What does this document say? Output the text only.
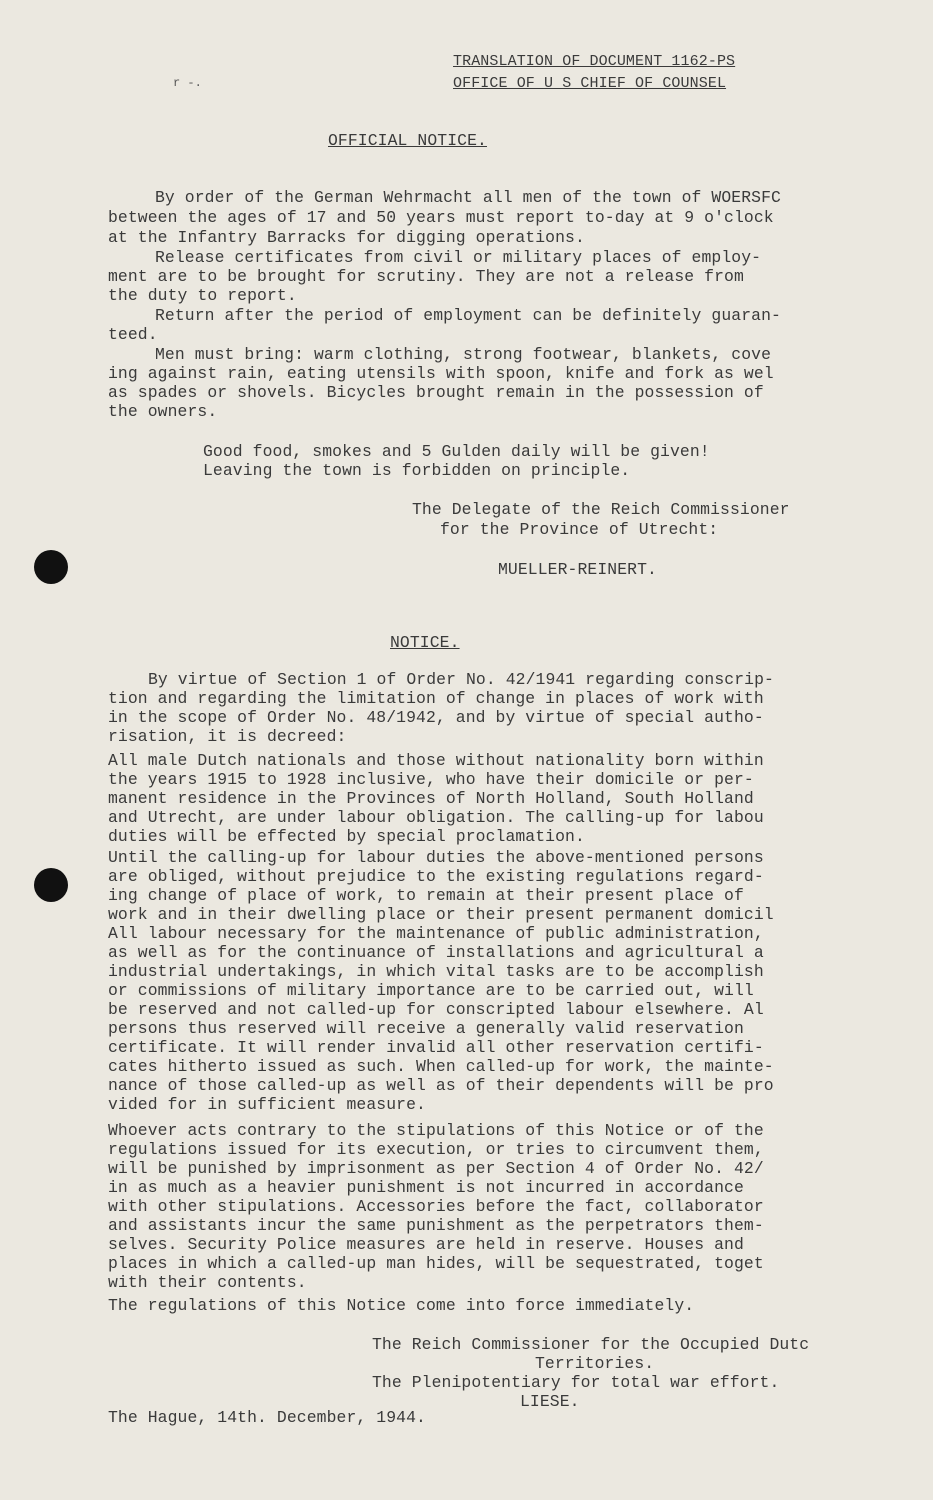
r -.
TRANSLATION OF DOCUMENT 1162-PS
OFFICE OF U S CHIEF OF COUNSEL
OFFICIAL NOTICE.
By order of the German Wehrmacht all men of the town of WOERSFC
between the ages of 17 and 50 years must report to-day at 9 o'clock
at the Infantry Barracks for digging operations.
Release certificates from civil or military places of employ-
ment are to be brought for scrutiny. They are not a release from
the duty to report.
Return after the period of employment can be definitely guaran-
teed.
Men must bring: warm clothing, strong footwear, blankets, cove
ing against rain, eating utensils with spoon, knife and fork as wel
as spades or shovels. Bicycles brought remain in the possession of
the owners.
Good food, smokes and 5 Gulden daily will be given!
Leaving the town is forbidden on principle.
The Delegate of the Reich Commissioner
for the Province of Utrecht:
MUELLER-REINERT.
NOTICE.
By virtue of Section 1 of Order No. 42/1941 regarding conscrip-
tion and regarding the limitation of change in places of work with
in the scope of Order No. 48/1942, and by virtue of special autho-
risation, it is decreed:
All male Dutch nationals and those without nationality born within
the years 1915 to 1928 inclusive, who have their domicile or per-
manent residence in the Provinces of North Holland, South Holland
and Utrecht, are under labour obligation. The calling-up for labou
duties will be effected by special proclamation.
Until the calling-up for labour duties the above-mentioned persons
are obliged, without prejudice to the existing regulations regard-
ing change of place of work, to remain at their present place of
work and in their dwelling place or their present permanent domicil
All labour necessary for the maintenance of public administration,
as well as for the continuance of installations and agricultural a
industrial undertakings, in which vital tasks are to be accomplish
or commissions of military importance are to be carried out, will
be reserved and not called-up for conscripted labour elsewhere. Al
persons thus reserved will receive a generally valid reservation
certificate. It will render invalid all other reservation certifi-
cates hitherto issued as such. When called-up for work, the mainte-
nance of those called-up as well as of their dependents will be pro
vided for in sufficient measure.
Whoever acts contrary to the stipulations of this Notice or of the
regulations issued for its execution, or tries to circumvent them,
will be punished by imprisonment as per Section 4 of Order No. 42/
in as much as a heavier punishment is not incurred in accordance
with other stipulations. Accessories before the fact, collaborator
and assistants incur the same punishment as the perpetrators them-
selves. Security Police measures are held in reserve. Houses and
places in which a called-up man hides, will be sequestrated, toget
with their contents.
The regulations of this Notice come into force immediately.
The Reich Commissioner for the Occupied Dutc
Territories.
The Plenipotentiary for total war effort.
LIESE.
The Hague, 14th. December, 1944.
